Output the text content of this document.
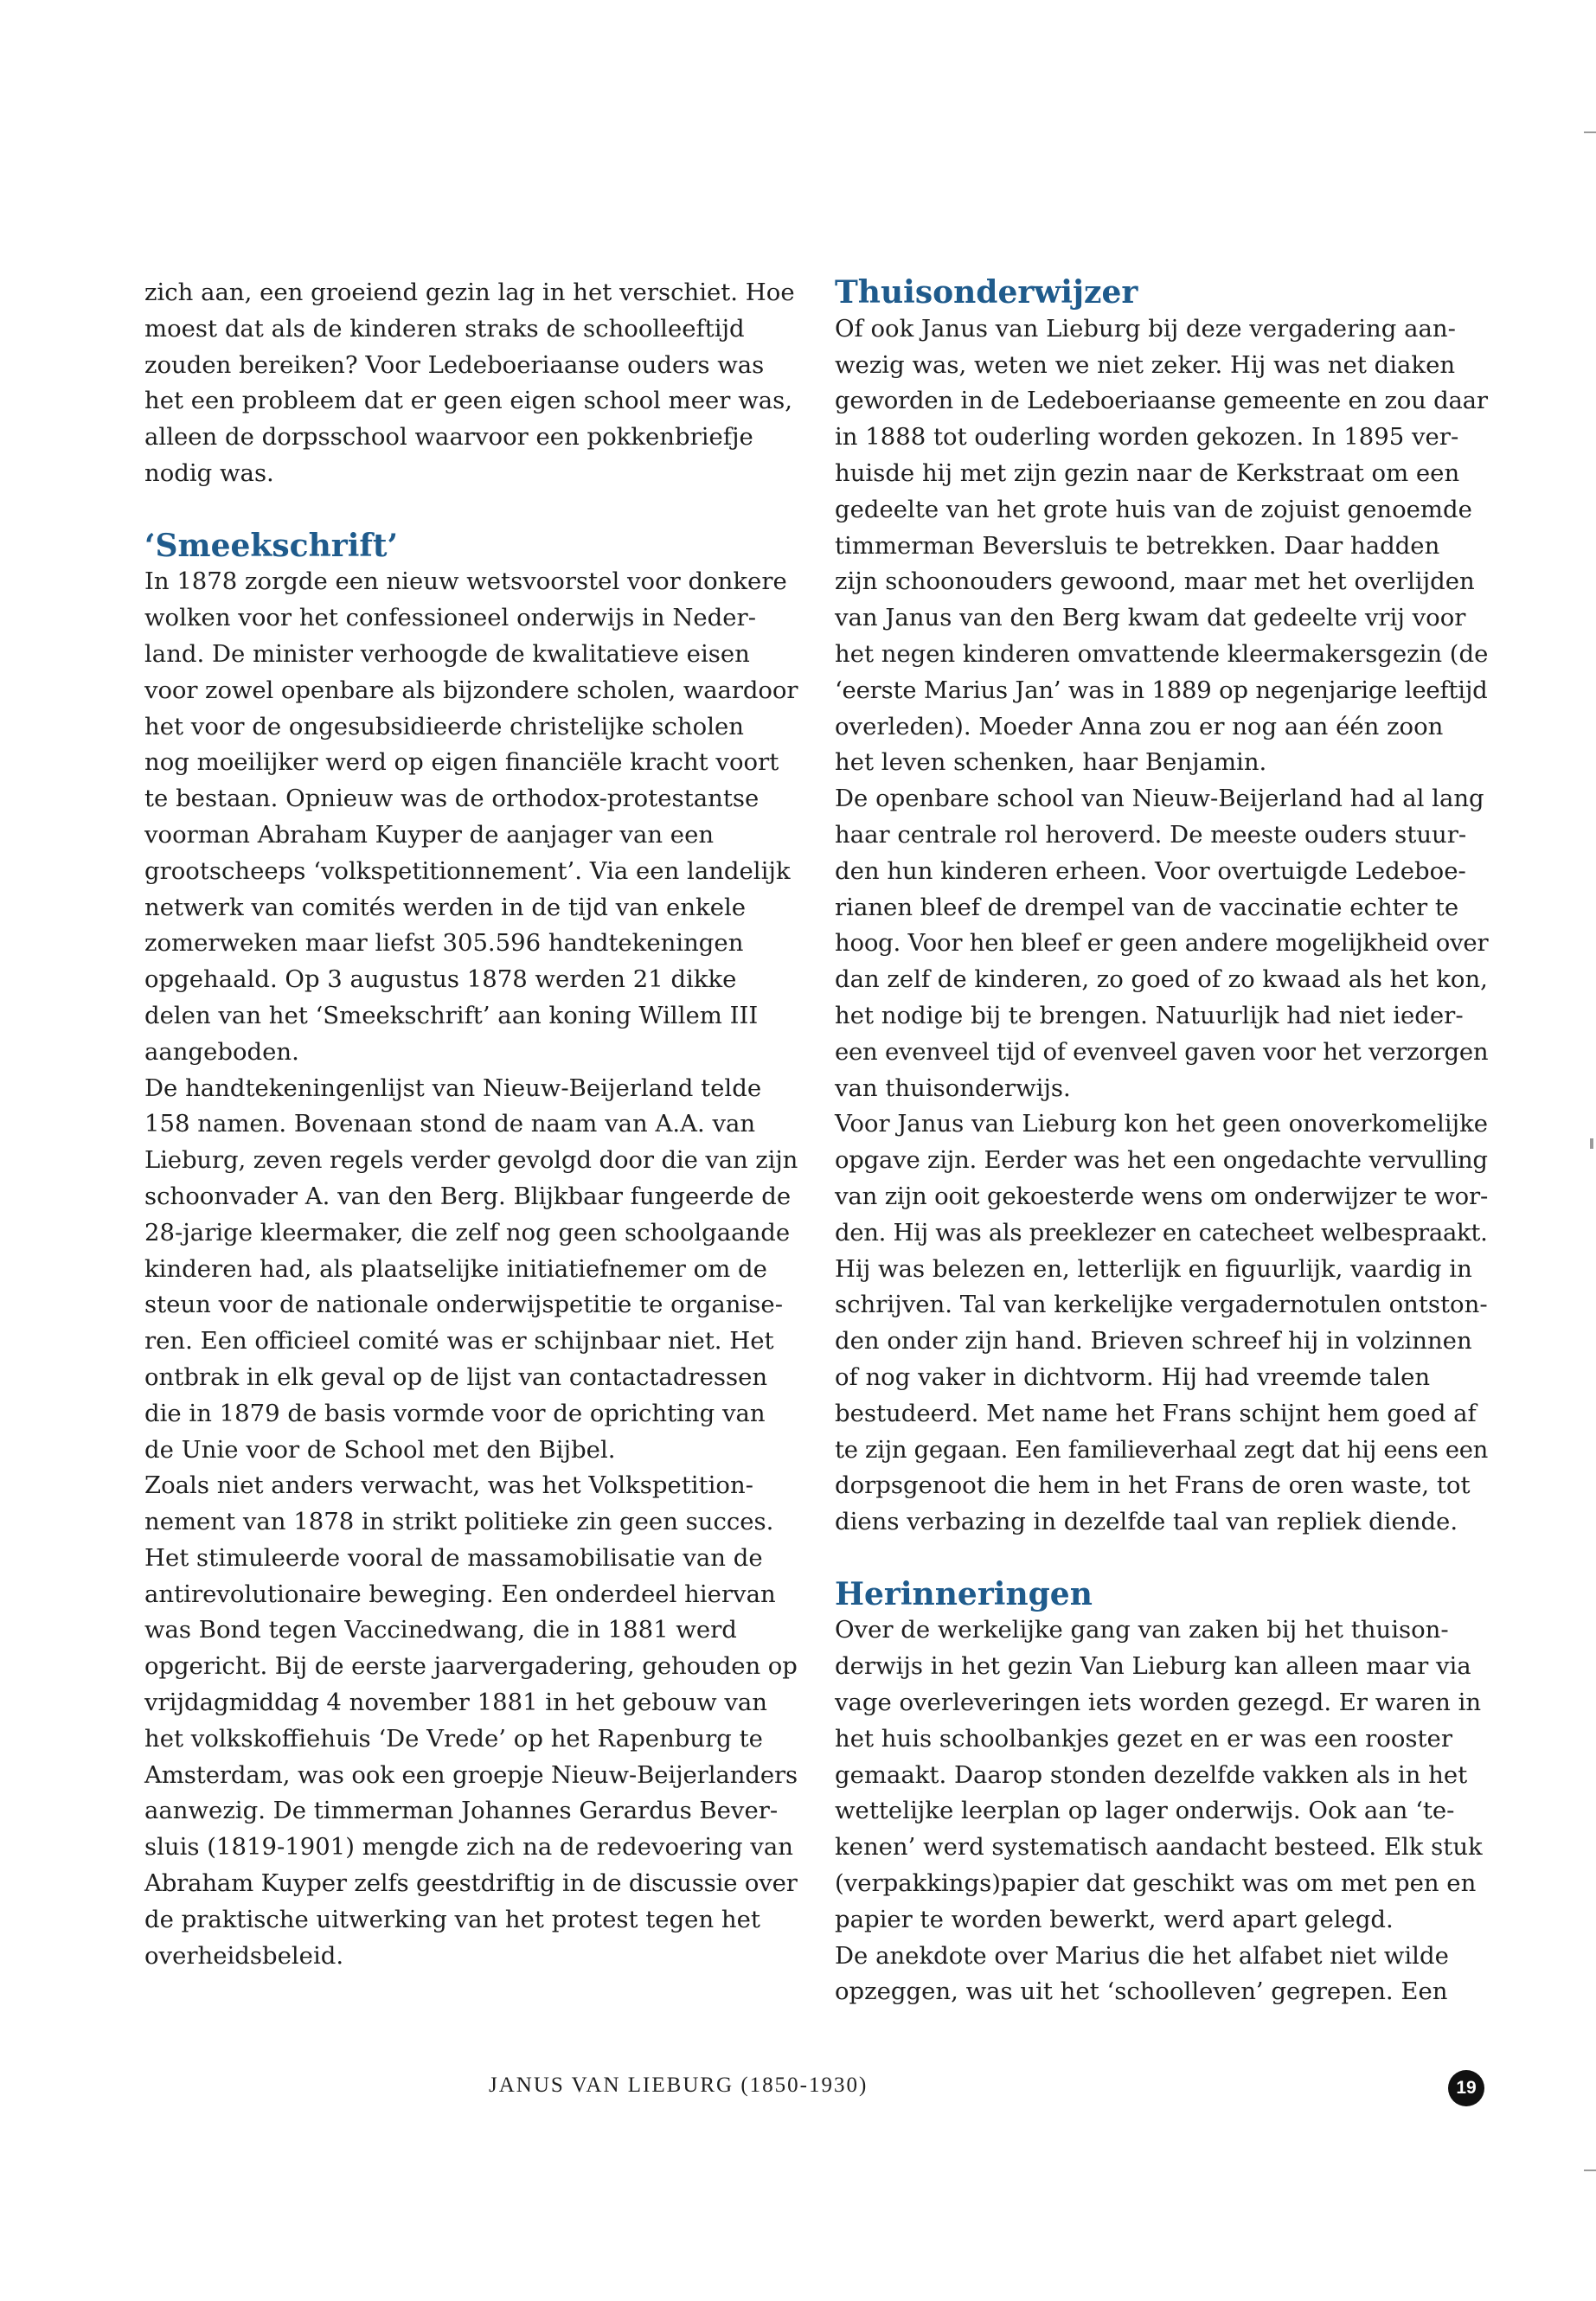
zich aan, een groeiend gezin lag in het verschiet. Hoe

moest dat als de kinderen straks de schoolleeftijd

zouden bereiken? Voor Ledeboeriaanse ouders was

het een probleem dat er geen eigen school meer was,

alleen de dorpsschool waarvoor een pokkenbriefje

nodig was.

‘Smeekschrift’

In 1878 zorgde een nieuw wetsvoorstel voor donkere

wolken voor het confessioneel onderwijs in Neder-

land. De minister verhoogde de kwalitatieve eisen

voor zowel openbare als bijzondere scholen, waardoor

het voor de ongesubsidieerde christelijke scholen

nog moeilijker werd op eigen financiële kracht voort

te bestaan. Opnieuw was de orthodox-protestantse

voorman Abraham Kuyper de aanjager van een

grootscheeps ‘volkspetitionnement’. Via een landelijk

netwerk van comités werden in de tijd van enkele

zomerweken maar liefst 305.596 handtekeningen

opgehaald. Op 3 augustus 1878 werden 21 dikke

delen van het ‘Smeekschrift’ aan koning Willem III

aangeboden.

De handtekeningenlijst van Nieuw-Beijerland telde

158 namen. Bovenaan stond de naam van A.A. van

Lieburg, zeven regels verder gevolgd door die van zijn

schoonvader A. van den Berg. Blijkbaar fungeerde de

28-jarige kleermaker, die zelf nog geen schoolgaande

kinderen had, als plaatselijke initiatiefnemer om de

steun voor de nationale onderwijspetitie te organise-

ren. Een officieel comité was er schijnbaar niet. Het

ontbrak in elk geval op de lijst van contactadressen

die in 1879 de basis vormde voor de oprichting van

de Unie voor de School met den Bijbel.

Zoals niet anders verwacht, was het Volkspetition-

nement van 1878 in strikt politieke zin geen succes.

Het stimuleerde vooral de massamobilisatie van de

antirevolutionaire beweging. Een onderdeel hiervan

was Bond tegen Vaccinedwang, die in 1881 werd

opgericht. Bij de eerste jaarvergadering, gehouden op

vrijdagmiddag 4 november 1881 in het gebouw van

het volkskoffiehuis ‘De Vrede’ op het Rapenburg te

Amsterdam, was ook een groepje Nieuw-Beijerlanders

aanwezig. De timmerman Johannes Gerardus Bever-

sluis (1819-1901) mengde zich na de redevoering van

Abraham Kuyper zelfs geestdriftig in de discussie over

de praktische uitwerking van het protest tegen het

overheidsbeleid.

Thuisonderwijzer

Of ook Janus van Lieburg bij deze vergadering aan-

wezig was, weten we niet zeker. Hij was net diaken

geworden in de Ledeboeriaanse gemeente en zou daar

in 1888 tot ouderling worden gekozen. In 1895 ver-

huisde hij met zijn gezin naar de Kerkstraat om een

gedeelte van het grote huis van de zojuist genoemde

timmerman Beversluis te betrekken. Daar hadden

zijn schoonouders gewoond, maar met het overlijden

van Janus van den Berg kwam dat gedeelte vrij voor

het negen kinderen omvattende kleermakersgezin (de

‘eerste Marius Jan’ was in 1889 op negenjarige leeftijd

overleden). Moeder Anna zou er nog aan één zoon

het leven schenken, haar Benjamin.

De openbare school van Nieuw-Beijerland had al lang

haar centrale rol heroverd. De meeste ouders stuur-

den hun kinderen erheen. Voor overtuigde Ledeboe-

rianen bleef de drempel van de vaccinatie echter te

hoog. Voor hen bleef er geen andere mogelijkheid over

dan zelf de kinderen, zo goed of zo kwaad als het kon,

het nodige bij te brengen. Natuurlijk had niet ieder-

een evenveel tijd of evenveel gaven voor het verzorgen

van thuisonderwijs.

Voor Janus van Lieburg kon het geen onoverkomelijke

opgave zijn. Eerder was het een ongedachte vervulling

van zijn ooit gekoesterde wens om onderwijzer te wor-

den. Hij was als preeklezer en catecheet welbespraakt.

Hij was belezen en, letterlijk en figuurlijk, vaardig in

schrijven. Tal van kerkelijke vergadernotulen ontston-

den onder zijn hand. Brieven schreef hij in volzinnen

of nog vaker in dichtvorm. Hij had vreemde talen

bestudeerd. Met name het Frans schijnt hem goed af

te zijn gegaan. Een familieverhaal zegt dat hij eens een

dorpsgenoot die hem in het Frans de oren waste, tot

diens verbazing in dezelfde taal van repliek diende.

Herinneringen

Over de werkelijke gang van zaken bij het thuison-

derwijs in het gezin Van Lieburg kan alleen maar via

vage overleveringen iets worden gezegd. Er waren in

het huis schoolbankjes gezet en er was een rooster

gemaakt. Daarop stonden dezelfde vakken als in het

wettelijke leerplan op lager onderwijs. Ook aan ‘te-

kenen’ werd systematisch aandacht besteed. Elk stuk

(verpakkings)papier dat geschikt was om met pen en

papier te worden bewerkt, werd apart gelegd.

De anekdote over Marius die het alfabet niet wilde

opzeggen, was uit het ‘schoolleven’ gegrepen. Een

JANUS VAN LIEBURG (1850-1930)	19
